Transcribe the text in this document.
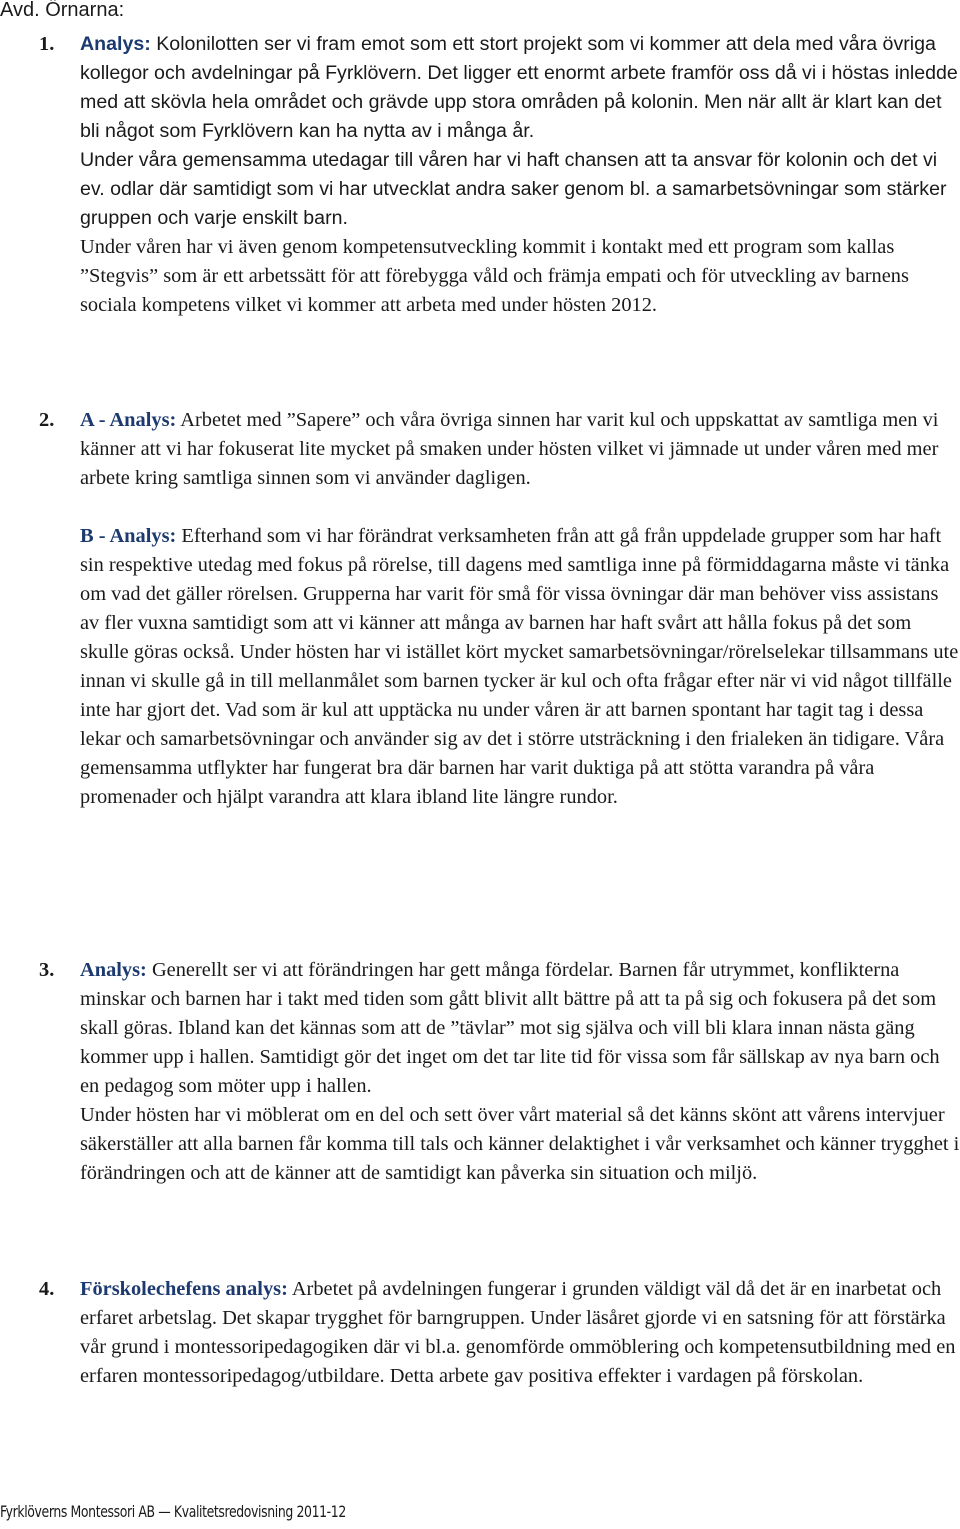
Avd. Örnarna:
1. Analys: Kolonilotten ser vi fram emot som ett stort projekt som vi kommer att dela med våra övriga kollegor och avdelningar på Fyrklövern. Det ligger ett enormt arbete framför oss då vi i höstas inledde med att skövla hela området och grävde upp stora områden på kolonin. Men när allt är klart kan det bli något som Fyrklövern kan ha nytta av i många år.

Under våra gemensamma utedagar till våren har vi haft chansen att ta ansvar för kolonin och det vi ev. odlar där samtidigt som vi har utvecklat andra saker genom bl. a samarbetsövningar som stärker gruppen och varje enskilt barn.

Under våren har vi även genom kompetensutveckling kommit i kontakt med ett program som kallas ”Stegvis” som är ett arbetssätt för att förebygga våld och främja empati och för utveckling av barnens sociala kompetens vilket vi kommer att arbeta med under hösten 2012.

2. A - Analys: Arbetet med ”Sapere” och våra övriga sinnen har varit kul och uppskattat av samtliga men vi känner att vi har fokuserat lite mycket på smaken under hösten vilket vi jämnade ut under våren med mer arbete kring samtliga sinnen som vi använder dagligen.

B - Analys: Efterhand som vi har förändrat verksamheten från att gå från uppdelade grupper som har haft sin respektive utedag med fokus på rörelse, till dagens med samtliga inne på förmiddagarna måste vi tänka om vad det gäller rörelsen. Grupperna har varit för små för vissa övningar där man behöver viss assistans av fler vuxna samtidigt som att vi känner att många av barnen har haft svårt att hålla fokus på det som skulle göras också. Under hösten har vi istället kört mycket samarbetsövningar/rörelselekar tillsammans ute innan vi skulle gå in till mellanmålet som barnen tycker är kul och ofta frågar efter när vi vid något tillfälle inte har gjort det. Vad som är kul att upptäcka nu under våren är att barnen spontant har tagit tag i dessa lekar och samarbetsövningar och använder sig av det i större utsträckning i den frialeken än tidigare. Våra gemensamma utflykter har fungerat bra där barnen har varit duktiga på att stötta varandra på våra promenader och hjälpt varandra att klara ibland lite längre rundor.

3. Analys: Generellt ser vi att förändringen har gett många fördelar. Barnen får utrymmet, konflikterna minskar och barnen har i takt med tiden som gått blivit allt bättre på att ta på sig och fokusera på det som skall göras. Ibland kan det kännas som att de ”tävlar” mot sig själva och vill bli klara innan nästa gäng kommer upp i hallen. Samtidigt gör det inget om det tar lite tid för vissa som får sällskap av nya barn och en pedagog som möter upp i hallen.

Under hösten har vi möblerat om en del och sett över vårt material så det känns skönt att vårens intervjuer säkerställer att alla barnen får komma till tals och känner delaktighet i vår verksamhet och känner trygghet i förändringen och att de känner att de samtidigt kan påverka sin situation och miljö.

4. Förskolechefens analys: Arbetet på avdelningen fungerar i grunden väldigt väl då det är en inarbetat och erfaret arbetslag. Det skapar trygghet för barngruppen. Under läsåret gjorde vi en satsning för att förstärka vår grund i montessoripedagogiken där vi bl.a. genomförde ommöblering och kompetensutbildning med en erfaren montessoripedagog/utbildare. Detta arbete gav positiva effekter i vardagen på förskolan.

Fyrklöverns Montessori AB — Kvalitetsredovisning 2011-12
